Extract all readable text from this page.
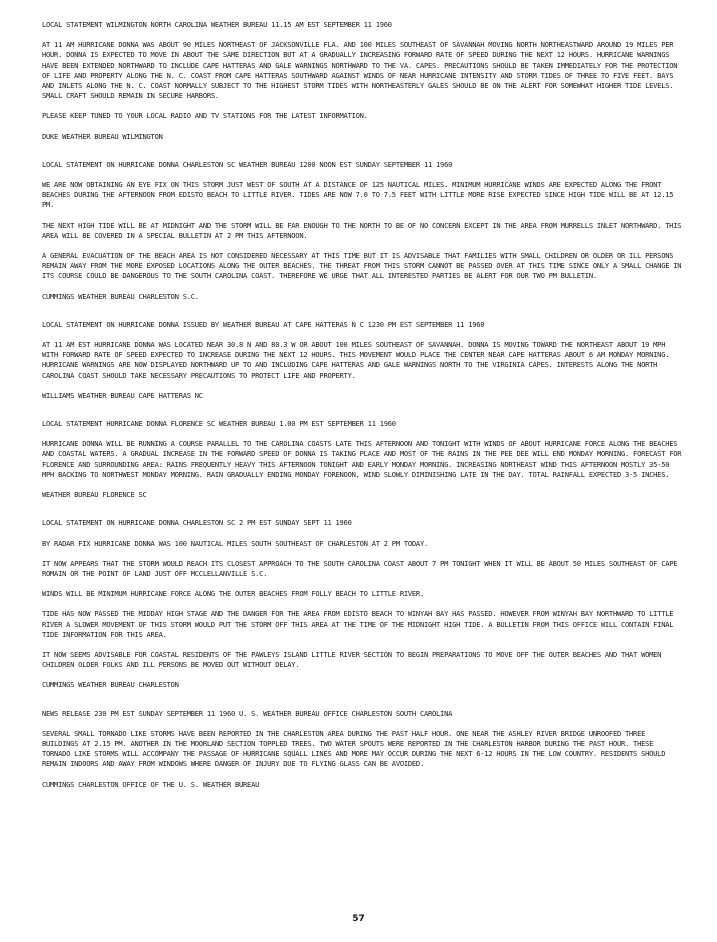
LOCAL STATEMENT WILMINGTON NORTH CAROLINA WEATHER BUREAU 11.15 AM EST SEPTEMBER 11 1960

AT 11 AM HURRICANE DONNA WAS ABOUT 90 MILES NORTHEAST OF JACKSONVILLE FLA. AND 100 MILES SOUTHEAST OF SAVANNAH MOVING NORTH NORTHEASTWARD AROUND 19 MILES PER HOUR. DONNA IS EXPECTED TO MOVE IN ABOUT THE SAME DIRECTION BUT AT A GRADUALLY INCREASING FORWARD RATE OF SPEED DURING THE NEXT 12 HOURS. HURRICANE WARNINGS HAVE BEEN EXTENDED NORTHWARD TO INCLUDE CAPE HATTERAS AND GALE WARNINGS NORTHWARD TO THE VA. CAPES. PRECAUTIONS SHOULD BE TAKEN IMMEDIATELY FOR THE PROTECTION OF LIFE AND PROPERTY ALONG THE N. C. COAST FROM CAPE HATTERAS SOUTHWARD AGAINST WINDS OF NEAR HURRICANE INTENSITY AND STORM TIDES OF THREE TO FIVE FEET. BAYS AND INLETS ALONG THE N. C. COAST NORMALLY SUBJECT TO THE HIGHEST STORM TIDES WITH NORTHEASTERLY GALES SHOULD BE ON THE ALERT FOR SOMEWHAT HIGHER TIDE LEVELS. SMALL CRAFT SHOULD REMAIN IN SECURE HARBORS.

PLEASE KEEP TUNED TO YOUR LOCAL RADIO AND TV STATIONS FOR THE LATEST INFORMATION.

DUKE WEATHER BUREAU WILMINGTON

LOCAL STATEMENT ON HURRICANE DONNA CHARLESTON SC WEATHER BUREAU 1200 NOON EST SUNDAY SEPTEMBER 11 1960

WE ARE NOW OBTAINING AN EYE FIX ON THIS STORM JUST WEST OF SOUTH AT A DISTANCE OF 125 NAUTICAL MILES. MINIMUM HURRICANE WINDS ARE EXPECTED ALONG THE FRONT BEACHES DURING THE AFTERNOON FROM EDISTO BEACH TO LITTLE RIVER. TIDES ARE NOW 7.0 TO 7.5 FEET WITH LITTLE MORE RISE EXPECTED SINCE HIGH TIDE WILL BE AT 12.15 PM.

THE NEXT HIGH TIDE WILL BE AT MIDNIGHT AND THE STORM WILL BE FAR ENOUGH TO THE NORTH TO BE OF NO CONCERN EXCEPT IN THE AREA FROM MURRELLS INLET NORTHWARD. THIS AREA WILL BE COVERED IN A SPECIAL BULLETIN AT 2 PM THIS AFTERNOON.

A GENERAL EVACUATION OF THE BEACH AREA IS NOT CONSIDERED NECESSARY AT THIS TIME BUT IT IS ADVISABLE THAT FAMILIES WITH SMALL CHILDREN OR OLDER OR ILL PERSONS REMAIN AWAY FROM THE MORE EXPOSED LOCATIONS ALONG THE OUTER BEACHES. THE THREAT FROM THIS STORM CANNOT BE PASSED OVER AT THIS TIME SINCE ONLY A SMALL CHANGE IN ITS COURSE COULD BE DANGEROUS TO THE SOUTH CAROLINA COAST. THEREFORE WE URGE THAT ALL INTERESTED PARTIES BE ALERT FOR OUR TWO PM BULLETIN.

CUMMINGS WEATHER BUREAU CHARLESTON S.C.

LOCAL STATEMENT ON HURRICANE DONNA ISSUED BY WEATHER BUREAU AT CAPE HATTERAS N C 1230 PM EST SEPTEMBER 11 1960

AT 11 AM EST HURRICANE DONNA WAS LOCATED NEAR 30.8 N AND 80.3 W OR ABOUT 100 MILES SOUTHEAST OF SAVANNAH. DONNA IS MOVING TOWARD THE NORTHEAST ABOUT 19 MPH WITH FORWARD RATE OF SPEED EXPECTED TO INCREASE DURING THE NEXT 12 HOURS. THIS MOVEMENT WOULD PLACE THE CENTER NEAR CAPE HATTERAS ABOUT 6 AM MONDAY MORNING. HURRICANE WARNINGS ARE NOW DISPLAYED NORTHWARD UP TO AND INCLUDING CAPE HATTERAS AND GALE WARNINGS NORTH TO THE VIRGINIA CAPES. INTERESTS ALONG THE NORTH CAROLINA COAST SHOULD TAKE NECESSARY PRECAUTIONS TO PROTECT LIFE AND PROPERTY.

WILLIAMS WEATHER BUREAU CAPE HATTERAS NC

LOCAL STATEMENT HURRICANE DONNA FLORENCE SC WEATHER BUREAU 1.00 PM EST SEPTEMBER 11 1960

HURRICANE DONNA WILL BE RUNNING A COURSE PARALLEL TO THE CAROLINA COASTS LATE THIS AFTERNOON AND TONIGHT WITH WINDS OF ABOUT HURRICANE FORCE ALONG THE BEACHES AND COASTAL WATERS. A GRADUAL INCREASE IN THE FORWARD SPEED OF DONNA IS TAKING PLACE AND MOST OF THE RAINS IN THE PEE DEE WILL END MONDAY MORNING. FORECAST FOR FLORENCE AND SURROUNDING AREA: RAINS FREQUENTLY HEAVY THIS AFTERNOON TONIGHT AND EARLY MONDAY MORNING. INCREASING NORTHEAST WIND THIS AFTERNOON MOSTLY 35-50 MPH BACKING TO NORTHWEST MONDAY MORNING. RAIN GRADUALLY ENDING MONDAY FORENOON, WIND SLOWLY DIMINISHING LATE IN THE DAY. TOTAL RAINFALL EXPECTED 3-5 INCHES.

WEATHER BUREAU FLORENCE SC

LOCAL STATEMENT ON HURRICANE DONNA CHARLESTON SC 2 PM EST SUNDAY SEPT 11 1960

BY RADAR FIX HURRICANE DONNA WAS 100 NAUTICAL MILES SOUTH SOUTHEAST OF CHARLESTON AT 2 PM TODAY.

IT NOW APPEARS THAT THE STORM WOULD REACH ITS CLOSEST APPROACH TO THE SOUTH CAROLINA COAST ABOUT 7 PM TONIGHT WHEN IT WILL BE ABOUT 50 MILES SOUTHEAST OF CAPE ROMAIN OR THE POINT OF LAND JUST OFF MCCLELLANVILLE S.C.

WINDS WILL BE MINIMUM HURRICANE FORCE ALONG THE OUTER BEACHES FROM FOLLY BEACH TO LITTLE RIVER.

TIDE HAS NOW PASSED THE MIDDAY HIGH STAGE AND THE DANGER FOR THE AREA FROM EDISTO BEACH TO WINYAH BAY HAS PASSED. HOWEVER FROM WINYAH BAY NORTHWARD TO LITTLE RIVER A SLOWER MOVEMENT OF THIS STORM WOULD PUT THE STORM OFF THIS AREA AT THE TIME OF THE MIDNIGHT HIGH TIDE. A BULLETIN FROM THIS OFFICE WILL CONTAIN FINAL TIDE INFORMATION FOR THIS AREA.

IT NOW SEEMS ADVISABLE FOR COASTAL RESIDENTS OF THE PAWLEYS ISLAND LITTLE RIVER SECTION TO BEGIN PREPARATIONS TO MOVE OFF THE OUTER BEACHES AND THAT WOMEN CHILDREN OLDER FOLKS AND ILL PERSONS BE MOVED OUT WITHOUT DELAY.

CUMMINGS WEATHER BUREAU CHARLESTON

NEWS RELEASE 230 PM EST SUNDAY SEPTEMBER 11 1960 U. S. WEATHER BUREAU OFFICE CHARLESTON SOUTH CAROLINA

SEVERAL SMALL TORNADO LIKE STORMS HAVE BEEN REPORTED IN THE CHARLESTON AREA DURING THE PAST HALF HOUR. ONE NEAR THE ASHLEY RIVER BRIDGE UNROOFED THREE BUILDINGS AT 2.15 PM. ANOTHER IN THE MOORLAND SECTION TOPPLED TREES. TWO WATER SPOUTS WERE REPORTED IN THE CHARLESTON HARBOR DURING THE PAST HOUR. THESE TORNADO LIKE STORMS WILL ACCOMPANY THE PASSAGE OF HURRICANE SQUALL LINES AND MORE MAY OCCUR DURING THE NEXT 6-12 HOURS IN THE LOW COUNTRY. RESIDENTS SHOULD REMAIN INDOORS AND AWAY FROM WINDOWS WHERE DANGER OF INJURY DUE TO FLYING GLASS CAN BE AVOIDED.

CUMMINGS CHARLESTON OFFICE OF THE U. S. WEATHER BUREAU

57
